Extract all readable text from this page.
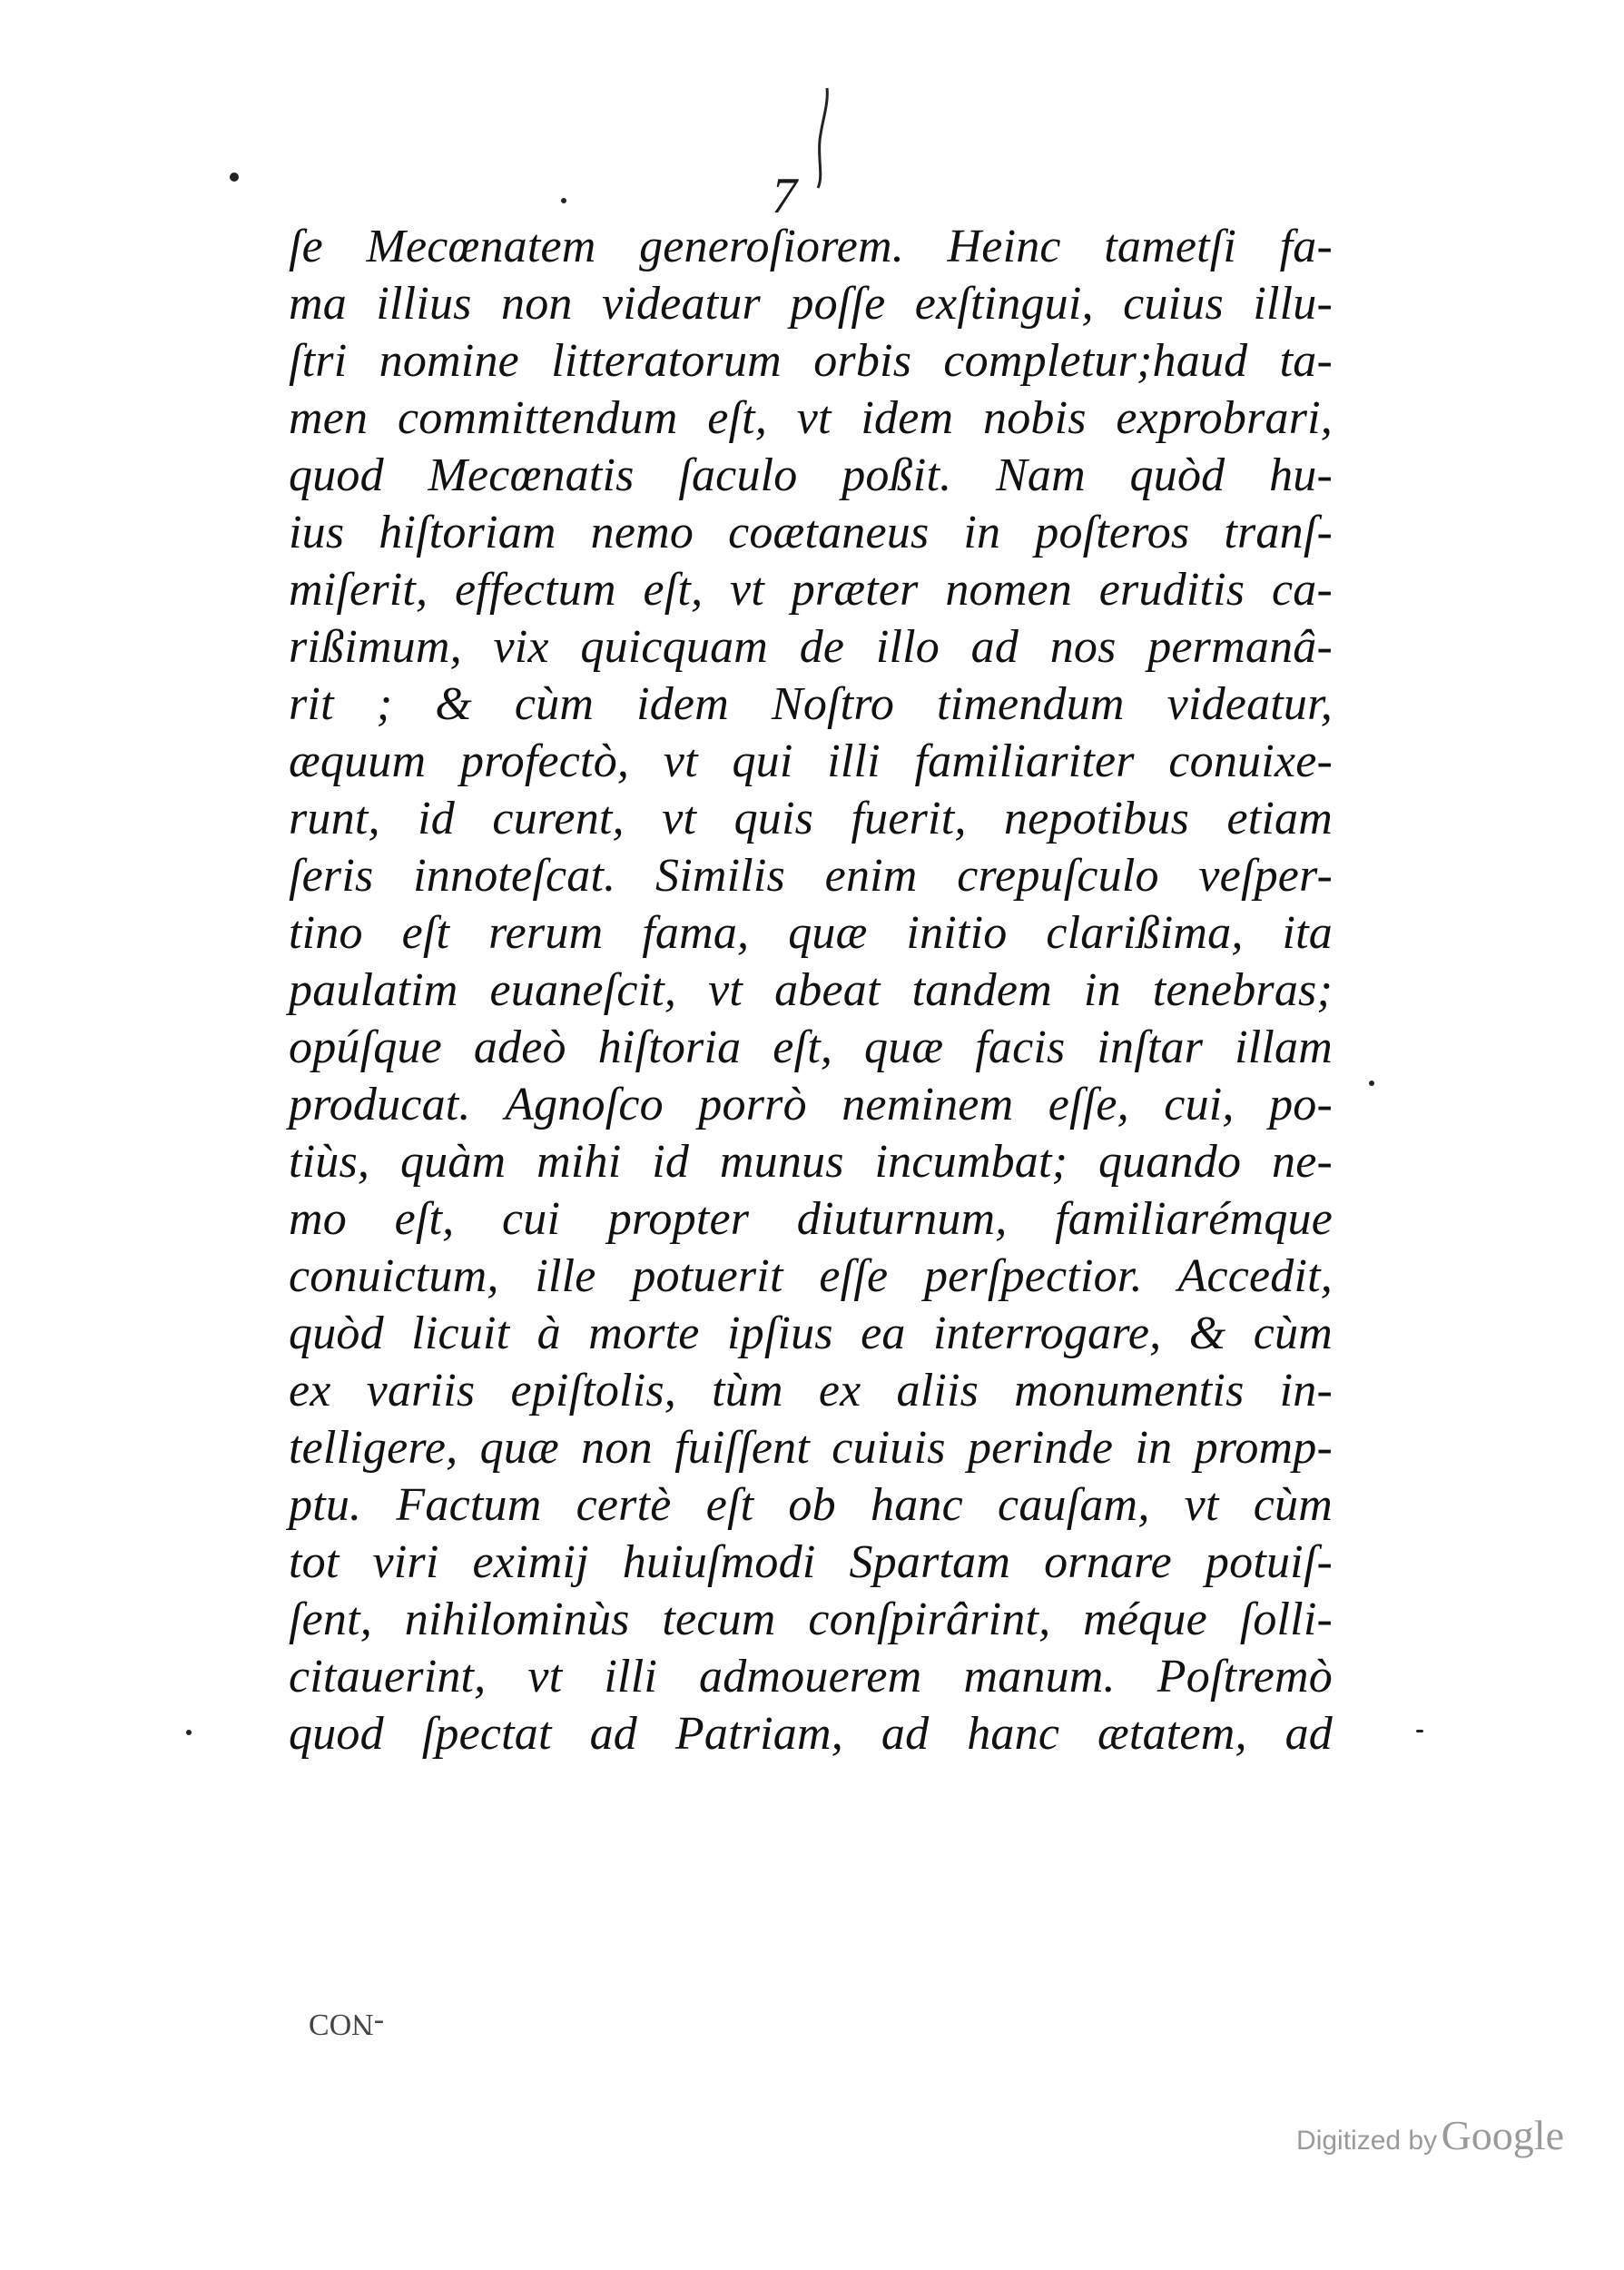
7
ſe Mecœnatem generoſiorem. Heinc tametſi fa-
ma illius non videatur poſſe exſtingui, cuius illu-
ſtri nomine litteratorum orbis completur;haud ta-
men committendum eſt, vt idem nobis exprobrari,
quod Mecœnatis ſaculo poßit. Nam quòd hu-
ius hiſtoriam nemo coætaneus in poſteros tranſ-
miſerit, effectum eſt, vt præter nomen eruditis ca-
rißimum, vix quicquam de illo ad nos permanâ-
rit ; & cùm idem Noſtro timendum videatur,
æquum profectò, vt qui illi familiariter conuixe-
runt, id curent, vt quis fuerit, nepotibus etiam
ſeris innoteſcat. Similis enim crepuſculo veſper-
tino eſt rerum fama, quæ initio clarißima, ita
paulatim euaneſcit, vt abeat tandem in tenebras;
opúſque adeò hiſtoria eſt, quæ facis inſtar illam
producat. Agnoſco porrò neminem eſſe, cui, po-
tiùs, quàm mihi id munus incumbat; quando ne-
mo eſt, cui propter diuturnum, familiarémque
conuictum, ille potuerit eſſe perſpectior. Accedit,
quòd licuit à morte ipſius ea interrogare, & cùm
ex variis epiſtolis, tùm ex aliis monumentis in-
telligere, quæ non fuiſſent cuiuis perinde in promp-
ptu. Factum certè eſt ob hanc cauſam, vt cùm
tot viri eximij huiuſmodi Spartam ornare potuiſ-
ſent, nihilominùs tecum conſpirârint, méque ſolli-
citauerint, vt illi admouerem manum. Poſtremò
quod ſpectat ad Patriam, ad hanc ætatem, ad
-NOƆ
Digitized by Google
